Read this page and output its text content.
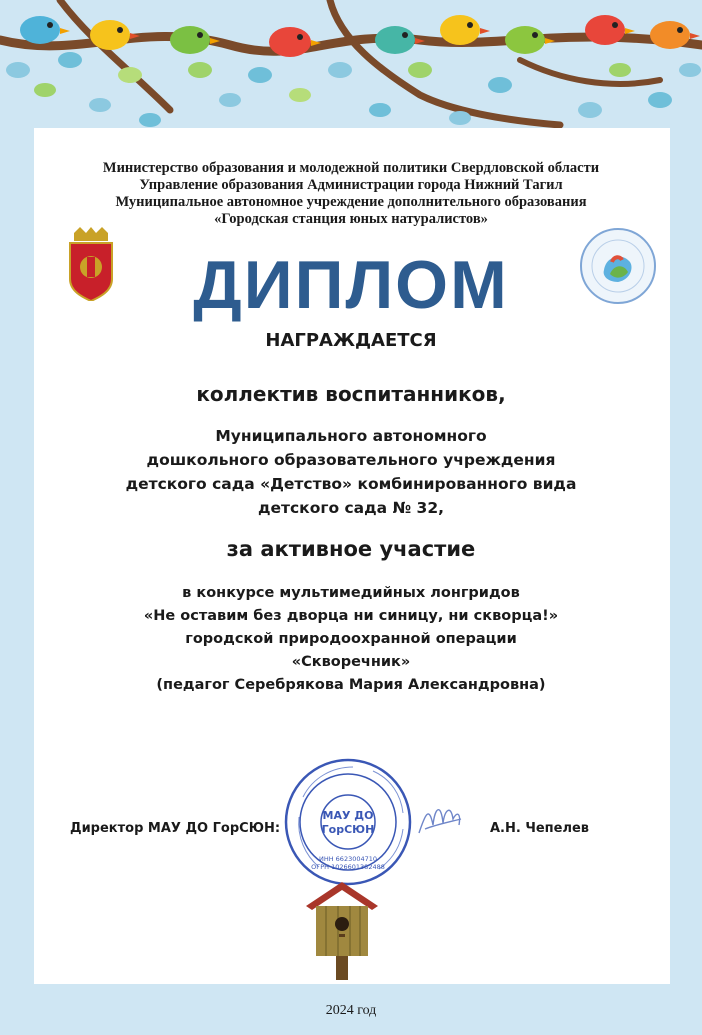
Министерство образования и молодежной политики Свердловской области
Управление образования Администрации города Нижний Тагил
Муниципальное автономное учреждение дополнительного образования
«Городская станция юных натуралистов»
ДИПЛОМ
НАГРАЖДАЕТСЯ
коллектив воспитанников,
Муниципального автономного
дошкольного образовательного учреждения
детского сада «Детство» комбинированного вида
детского сада № 32,
за активное участие
в конкурсе мультимедийных лонгридов
«Не оставим без дворца ни синицу, ни скворца!»
городской природоохранной операции
«Скворечник»
(педагог Серебрякова Мария Александровна)
МАУ ДО
ГорСЮН
ИНН 6623004710
ОГРН 1026601382488
Директор МАУ ДО ГорСЮН:	А.Н. Чепелев
2024 год
